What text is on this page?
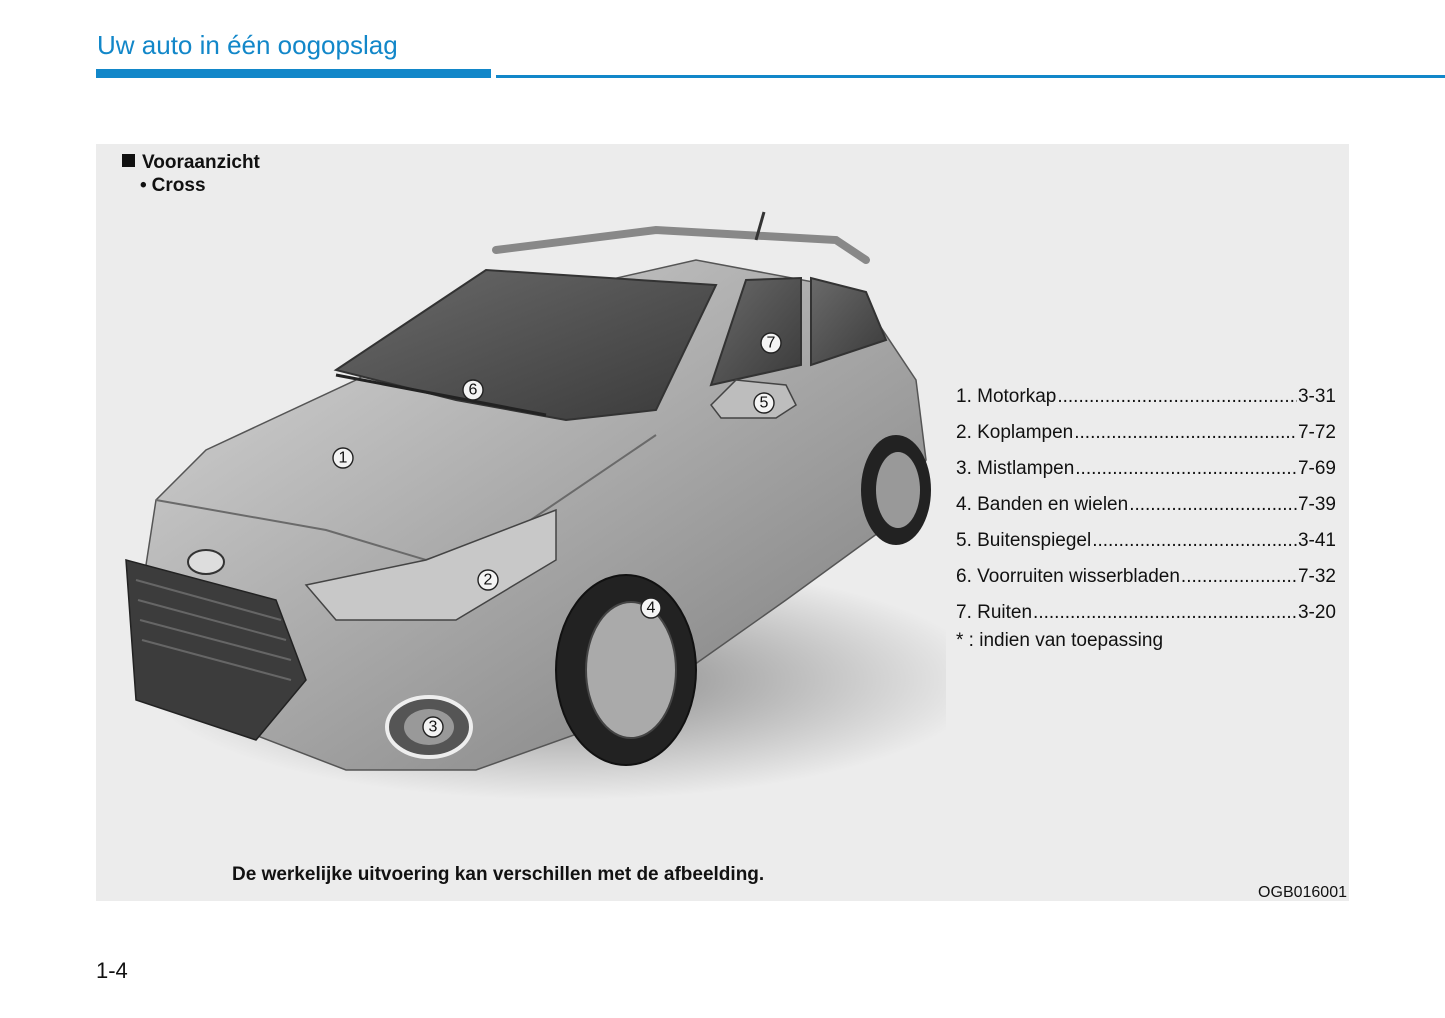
Uw auto in één oogopslag
Vooraanzicht
• Cross
1
2
3
4
5
6
7
1. Motorkap .....	3-31
2. Koplampen .....	7-72
3. Mistlampen .....	7-69
4. Banden en wielen .....	7-39
5. Buitenspiegel .....	3-41
6. Voorruiten wisserbladen .....	7-32
7. Ruiten .....	3-20
* : indien van toepassing
De werkelijke uitvoering kan verschillen met de afbeelding.
OGB016001
1-4
